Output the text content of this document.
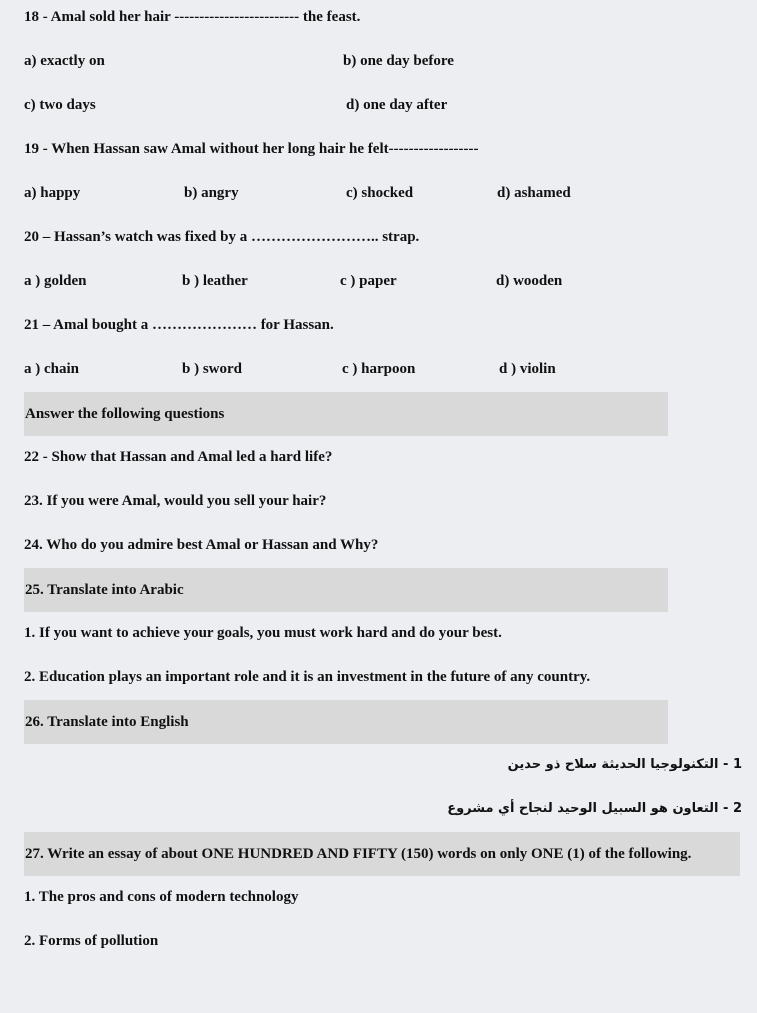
18 - Amal sold her hair ------------------------- the feast.
a) exactly on	b) one day before
c) two days	d) one day after
19 - When Hassan saw Amal without her long hair he felt------------------
a) happy	b) angry	c) shocked	d) ashamed
20 – Hassan’s watch was fixed by a …………………….. strap.
a ) golden	b ) leather	c ) paper	d) wooden
21 – Amal bought a ………………… for Hassan.
a ) chain	b ) sword	c ) harpoon	d ) violin
Answer the following questions
22 - Show that Hassan and Amal led a hard life?
23. If you were Amal, would you sell your hair?
24. Who do you admire best Amal or Hassan and Why?
25. Translate into Arabic
1. If you want to achieve your goals, you must work hard and do your best.
2. Education plays an important role and it is an investment in the future of any country.
26. Translate into English
1 - التكنولوجيا الحديثة سلاح ذو حدين
2 - التعاون هو السبيل الوحيد لنجاح أي مشروع
27. Write an essay of about ONE HUNDRED AND FIFTY (150) words on only ONE (1) of the following.
1. The pros and cons of modern technology
2. Forms of pollution
